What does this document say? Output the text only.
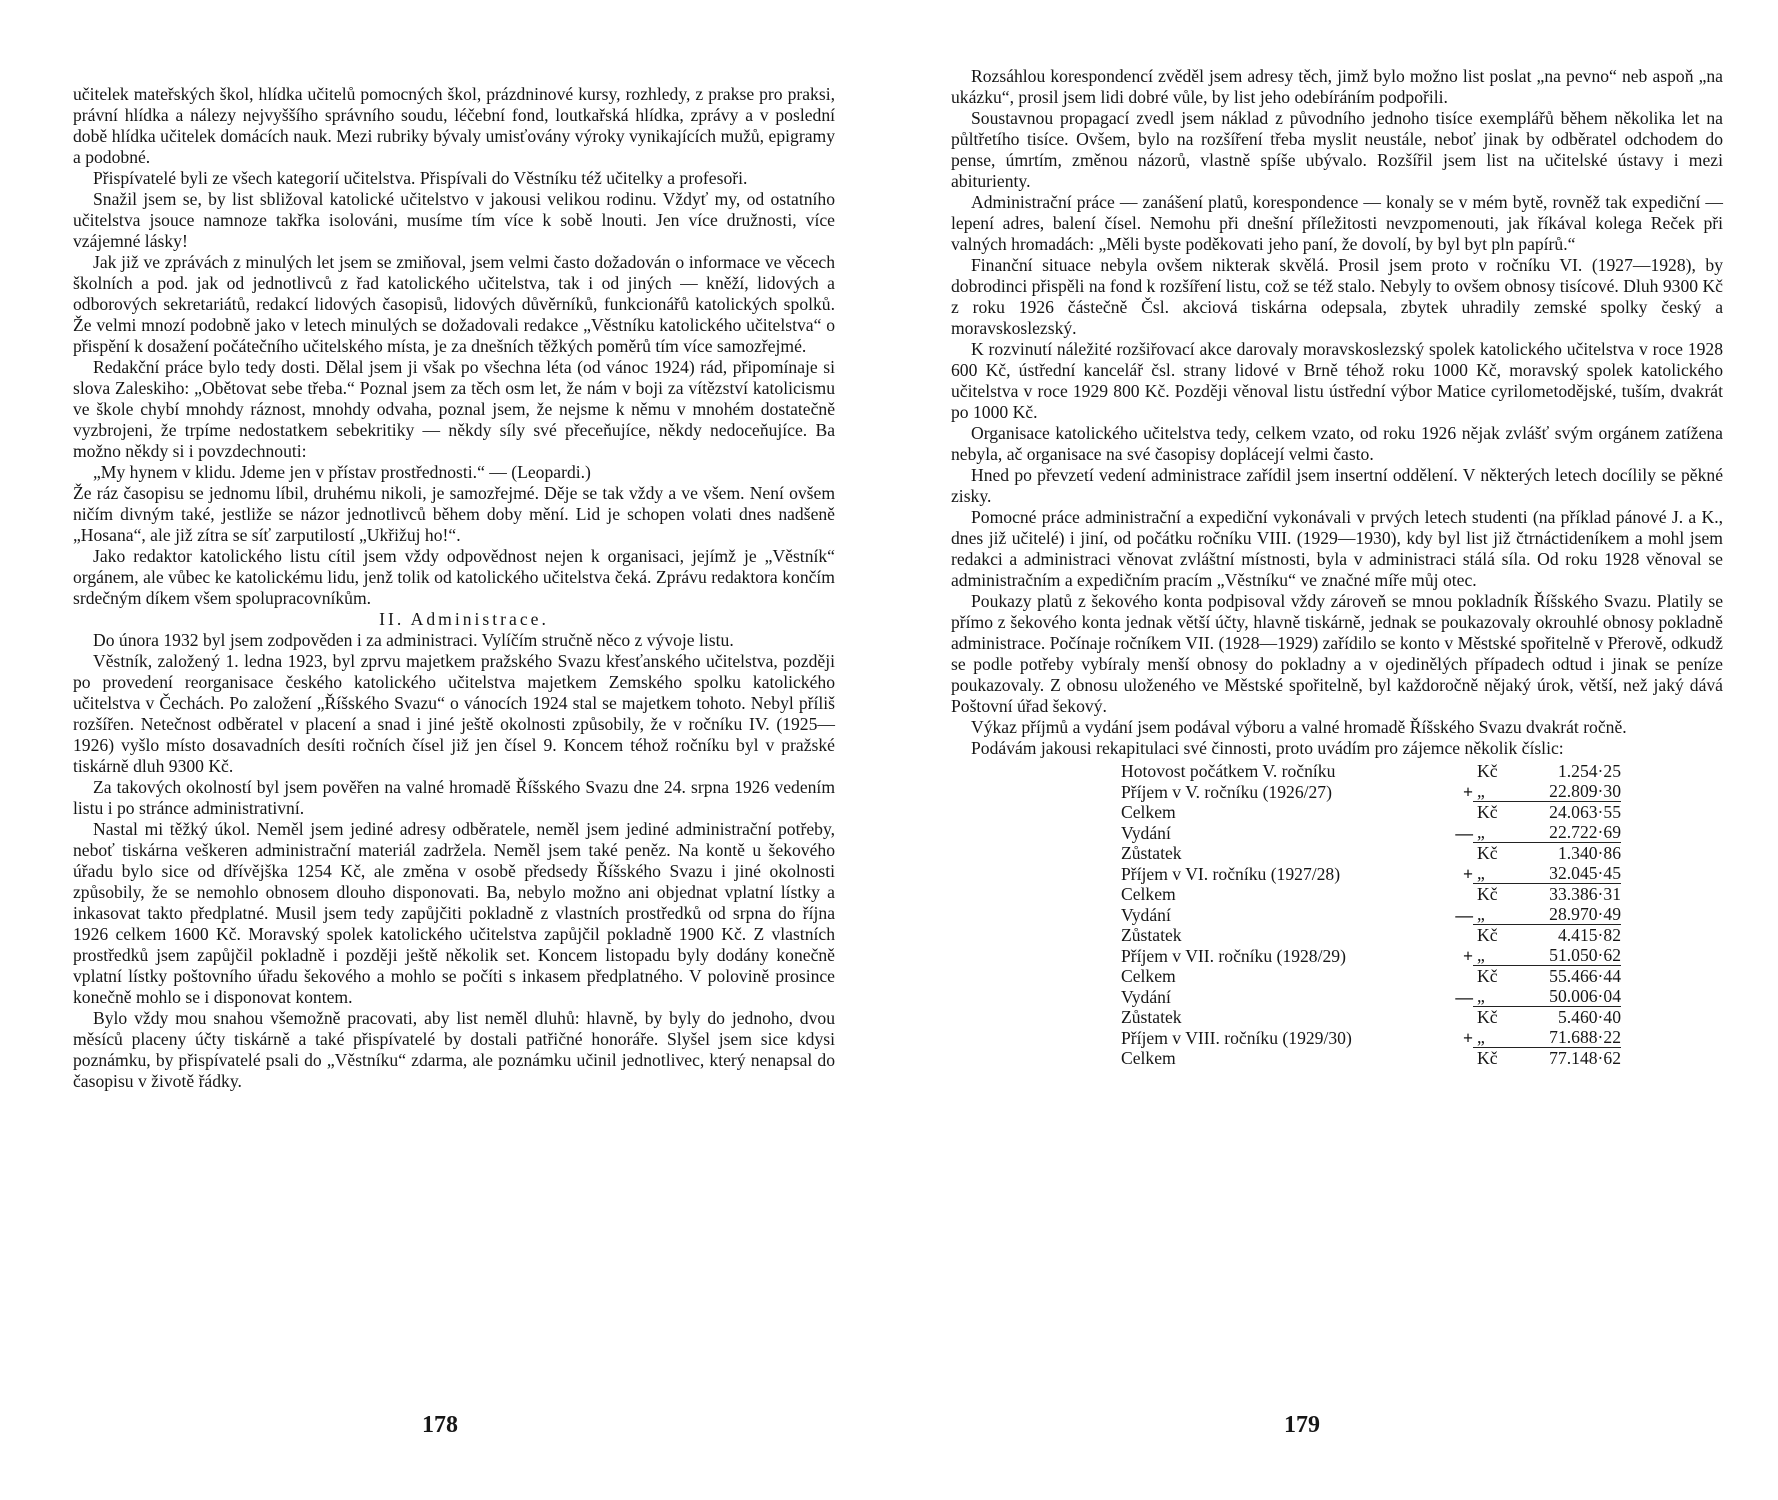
učitelek mateřských škol, hlídka učitelů pomocných škol, prázdninové kursy, rozhledy, z prakse pro praksi, právní hlídka a nálezy nejvyššího správního soudu, léčební fond, loutkařská hlídka, zprávy a v poslední době hlídka učitelek domácích nauk. Mezi rubriky bývaly umisťovány výroky vynikajících mužů, epigramy a podobné.

Přispívatelé byli ze všech kategorií učitelstva. Přispívali do Věstníku též učitelky a profesoři.

Snažil jsem se, by list sbližoval katolické učitelstvo v jakousi velikou rodinu. Vždyť my, od ostatního učitelstva jsouce namnoze takřka isolováni, musíme tím více k sobě lnouti. Jen více družnosti, více vzájemné lásky!

Jak již ve zprávách z minulých let jsem se zmiňoval, jsem velmi často dožadován o informace ve věcech školních a pod. jak od jednotlivců z řad katolického učitelstva, tak i od jiných — kněží, lidových a odborových sekretariátů, redakcí lidových časopisů, lidových důvěrníků, funkcionářů katolických spolků. Že velmi mnozí podobně jako v letech minulých se dožadovali redakce „Věstníku katolického učitelstva“ o přispění k dosažení počátečního učitelského místa, je za dnešních těžkých poměrů tím více samozřejmé.

Redakční práce bylo tedy dosti. Dělal jsem ji však po všechna léta (od vánoc 1924) rád, připomínaje si slova Zaleskiho: „Obětovat sebe třeba.“ Poznal jsem za těch osm let, že nám v boji za vítězství katolicismu ve škole chybí mnohdy ráznost, mnohdy odvaha, poznal jsem, že nejsme k němu v mnohém dostatečně vyzbrojeni, že trpíme nedostatkem sebekritiky — někdy síly své přeceňujíce, někdy nedoceňujíce. Ba možno někdy si i povzdechnouti:

„My hynem v klidu. Jdeme jen v přístav prostřednosti.“ — (Leopardi.)

Že ráz časopisu se jednomu líbil, druhému nikoli, je samozřejmé. Děje se tak vždy a ve všem. Není ovšem ničím divným také, jestliže se názor jednotlivců během doby mění. Lid je schopen volati dnes nadšeně „Hosana“, ale již zítra se síť zarputilostí „Ukřižuj ho!“.

Jako redaktor katolického listu cítil jsem vždy odpovědnost nejen k organisaci, jejímž je „Věstník“ orgánem, ale vůbec ke katolickému lidu, jenž tolik od katolického učitelstva čeká. Zprávu redaktora končím srdečným díkem všem spolupracovníkům.

II. Administrace.

Do února 1932 byl jsem zodpověden i za administraci. Vylíčím stručně něco z vývoje listu.

Věstník, založený 1. ledna 1923, byl zprvu majetkem pražského Svazu křesťanského učitelstva, později po provedení reorganisace českého katolického učitelstva majetkem Zemského spolku katolického učitelstva v Čechách. Po založení „Říšského Svazu“ o vánocích 1924 stal se majetkem tohoto. Nebyl příliš rozšířen. Netečnost odběratel v placení a snad i jiné ještě okolnosti způsobily, že v ročníku IV. (1925—1926) vyšlo místo dosavadních desíti ročních čísel již jen čísel 9. Koncem téhož ročníku byl v pražské tiskárně dluh 9300 Kč.

Za takových okolností byl jsem pověřen na valné hromadě Říšského Svazu dne 24. srpna 1926 vedením listu i po stránce administrativní.

Nastal mi těžký úkol. Neměl jsem jediné adresy odběratele, neměl jsem jediné administrační potřeby, neboť tiskárna veškeren administrační materiál zadržela. Neměl jsem také peněz. Na kontě u šekového úřadu bylo sice od dřívějška 1254 Kč, ale změna v osobě předsedy Říšského Svazu i jiné okolnosti způsobily, že se nemohlo obnosem dlouho disponovati. Ba, nebylo možno ani objednat vplatní lístky a inkasovat takto předplatné. Musil jsem tedy zapůjčiti pokladně z vlastních prostředků od srpna do října 1926 celkem 1600 Kč. Moravský spolek katolického učitelstva zapůjčil pokladně 1900 Kč. Z vlastních prostředků jsem zapůjčil pokladně i později ještě několik set. Koncem listopadu byly dodány konečně vplatní lístky poštovního úřadu šekového a mohlo se počíti s inkasem předplatného. V polovině prosince konečně mohlo se i disponovat kontem.

Bylo vždy mou snahou všemožně pracovati, aby list neměl dluhů: hlavně, by byly do jednoho, dvou měsíců placeny účty tiskárně a také přispívatelé by dostali patřičné honoráře. Slyšel jsem sice kdysi poznámku, by přispívatelé psali do „Věstníku“ zdarma, ale poznámku učinil jednotlivec, který nenapsal do časopisu v životě řádky.

178

Rozsáhlou korespondencí zvěděl jsem adresy těch, jimž bylo možno list poslat „na pevno“ neb aspoň „na ukázku“, prosil jsem lidi dobré vůle, by list jeho odebíráním podpořili.

Soustavnou propagací zvedl jsem náklad z původního jednoho tisíce exemplářů během několika let na půltřetího tisíce. Ovšem, bylo na rozšíření třeba myslit neustále, neboť jinak by odběratel odchodem do pense, úmrtím, změnou názorů, vlastně spíše ubývalo. Rozšířil jsem list na učitelské ústavy i mezi abiturienty.

Administrační práce — zanášení platů, korespondence — konaly se v mém bytě, rovněž tak expediční — lepení adres, balení čísel. Nemohu při dnešní příležitosti nevzpomenouti, jak říkával kolega Reček při valných hromadách: „Měli byste poděkovati jeho paní, že dovolí, by byl byt pln papírů.“

Finanční situace nebyla ovšem nikterak skvělá. Prosil jsem proto v ročníku VI. (1927—1928), by dobrodinci přispěli na fond k rozšíření listu, což se též stalo. Nebyly to ovšem obnosy tisícové. Dluh 9300 Kč z roku 1926 částečně Čsl. akciová tiskárna odepsala, zbytek uhradily zemské spolky český a moravskoslezský.

K rozvinutí náležité rozšiřovací akce darovaly moravskoslezský spolek katolického učitelstva v roce 1928 600 Kč, ústřední kancelář čsl. strany lidové v Brně téhož roku 1000 Kč, moravský spolek katolického učitelstva v roce 1929 800 Kč. Později věnoval listu ústřední výbor Matice cyrilometodějské, tuším, dvakrát po 1000 Kč.

Organisace katolického učitelstva tedy, celkem vzato, od roku 1926 nějak zvlášť svým orgánem zatížena nebyla, ač organisace na své časopisy doplácejí velmi často.

Hned po převzetí vedení administrace zařídil jsem insertní oddělení. V některých letech docílily se pěkné zisky.

Pomocné práce administrační a expediční vykonávali v prvých letech studenti (na příklad pánové J. a K., dnes již učitelé) i jiní, od počátku ročníku VIII. (1929—1930), kdy byl list již čtrnáctideníkem a mohl jsem redakci a administraci věnovat zvláštní místnosti, byla v administraci stálá síla. Od roku 1928 věnoval se administračním a expedičním pracím „Věstníku“ ve značné míře můj otec.

Poukazy platů z šekového konta podpisoval vždy zároveň se mnou pokladník Říšského Svazu. Platily se přímo z šekového konta jednak větší účty, hlavně tiskárně, jednak se poukazovaly okrouhlé obnosy pokladně administrace. Počínaje ročníkem VII. (1928—1929) zařídilo se konto v Městské spořitelně v Přerově, odkudž se podle potřeby vybíraly menší obnosy do pokladny a v ojedinělých případech odtud i jinak se peníze poukazovaly. Z obnosu uloženého ve Městské spořitelně, byl každoročně nějaký úrok, větší, než jaký dává Poštovní úřad šekový.

Výkaz příjmů a vydání jsem podával výboru a valné hromadě Říšského Svazu dvakrát ročně.

Podávám jakousi rekapitulaci své činnosti, proto uvádím pro zájemce několik číslic:

Hotovost počátkem V. ročníku		Kč	1.254·25
Příjem v V. ročníku (1926/27)	+	„	22.809·30
Celkem		Kč	24.063·55
Vydání	—	„	22.722·69
Zůstatek		Kč	1.340·86
Příjem v VI. ročníku (1927/28)	+	„	32.045·45
Celkem		Kč	33.386·31
Vydání	—	„	28.970·49
Zůstatek		Kč	4.415·82
Příjem v VII. ročníku (1928/29)	+	„	51.050·62
Celkem		Kč	55.466·44
Vydání	—	„	50.006·04
Zůstatek		Kč	5.460·40
Příjem v VIII. ročníku (1929/30)	+	„	71.688·22
Celkem		Kč	77.148·62
179
